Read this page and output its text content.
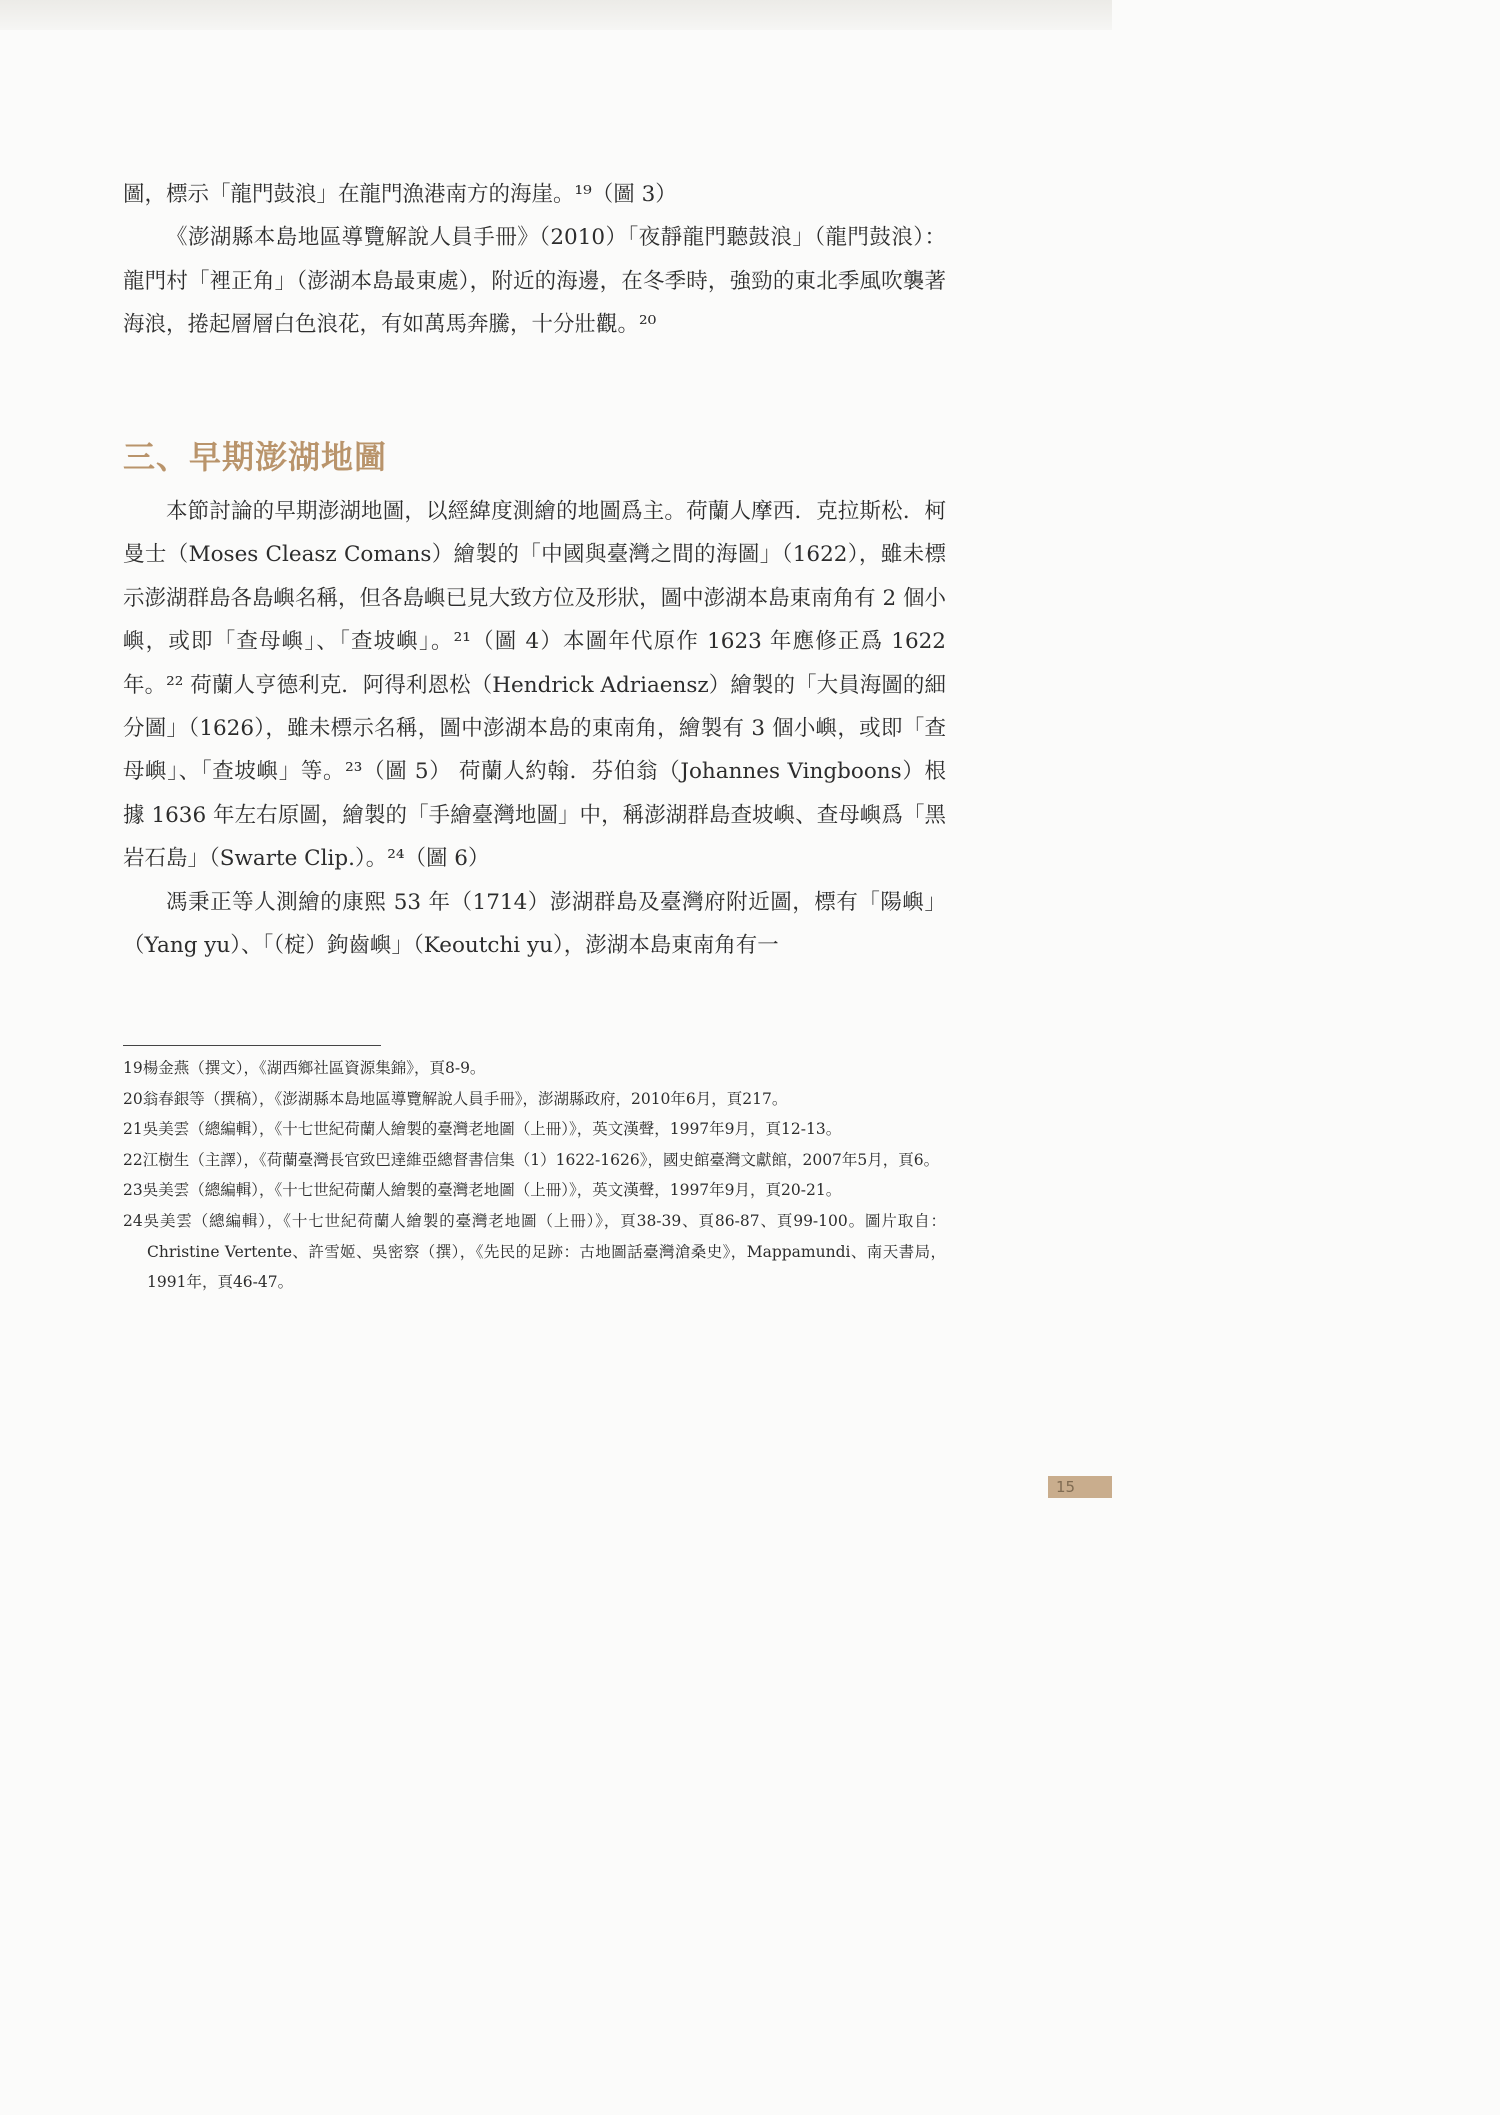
圖，標示「龍門鼓浪」在龍門漁港南方的海崖。¹⁹（圖 3）

《澎湖縣本島地區導覽解說人員手冊》（2010）「夜靜龍門聽鼓浪」（龍門鼓浪）：龍門村「裡正角」（澎湖本島最東處），附近的海邊，在冬季時，強勁的東北季風吹襲著海浪，捲起層層白色浪花，有如萬馬奔騰，十分壯觀。²⁰

三、早期澎湖地圖

本節討論的早期澎湖地圖，以經緯度測繪的地圖爲主。荷蘭人摩西．克拉斯松．柯曼士（Moses Cleasz Comans）繪製的「中國與臺灣之間的海圖」（1622），雖未標示澎湖群島各島嶼名稱，但各島嶼已見大致方位及形狀，圖中澎湖本島東南角有 2 個小嶼，或即「查母嶼」、「查坡嶼」。²¹（圖 4）本圖年代原作 1623 年應修正爲 1622 年。²² 荷蘭人亨德利克．阿得利恩松（Hendrick Adriaensz）繪製的「大員海圖的細分圖」（1626），雖未標示名稱，圖中澎湖本島的東南角，繪製有 3 個小嶼，或即「查母嶼」、「查坡嶼」等。²³（圖 5） 荷蘭人約翰．芬伯翁（Johannes Vingboons）根據 1636 年左右原圖，繪製的「手繪臺灣地圖」中，稱澎湖群島查坡嶼、查母嶼爲「黑岩石島」（Swarte Clip.）。²⁴（圖 6）

馮秉正等人測繪的康熙 53 年（1714）澎湖群島及臺灣府附近圖，標有「陽嶼」（Yang yu）、「（椗）鉤齒嶼」（Keoutchi yu），澎湖本島東南角有一

19楊金燕（撰文），《湖西鄉社區資源集錦》，頁8-9。

20翁春銀等（撰稿），《澎湖縣本島地區導覽解說人員手冊》，澎湖縣政府，2010年6月，頁217。

21吳美雲（總編輯），《十七世紀荷蘭人繪製的臺灣老地圖（上冊）》，英文漢聲，1997年9月，頁12-13。

22江樹生（主譯），《荷蘭臺灣長官致巴達維亞總督書信集（1）1622-1626》，國史館臺灣文獻館，2007年5月，頁6。

23吳美雲（總編輯），《十七世紀荷蘭人繪製的臺灣老地圖（上冊）》，英文漢聲，1997年9月，頁20-21。

24吳美雲（總編輯），《十七世紀荷蘭人繪製的臺灣老地圖（上冊）》，頁38-39、頁86-87、頁99-100。圖片取自：Christine Vertente、許雪姬、吳密察（撰），《先民的足跡：古地圖話臺灣滄桑史》，Mappamundi、南天書局，1991年，頁46-47。

15
